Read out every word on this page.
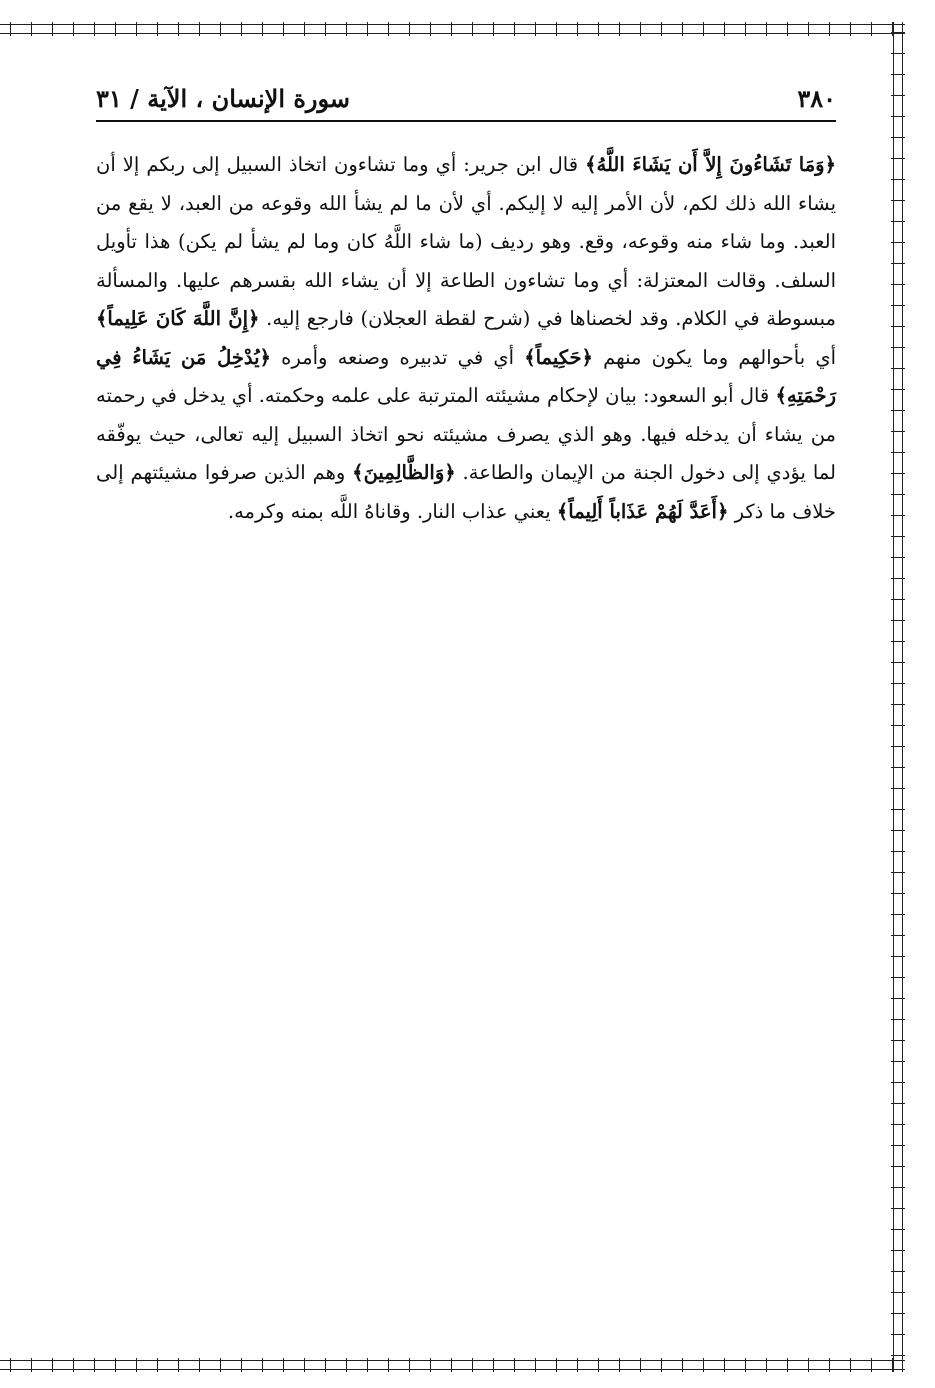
٣٨٠
سورة الإنسان ، الآية / ٣١

﴿وَمَا تَشَاءُونَ إِلاَّ أَن يَشَاءَ اللَّهُ﴾ قال ابن جرير: أي وما تشاءون اتخاذ السبيل إلى ربكم إلا أن يشاء الله ذلك لكم، لأن الأمر إليه لا إليكم. أي لأن ما لم يشأ الله وقوعه من العبد، لا يقع من العبد. وما شاء منه وقوعه، وقع. وهو رديف (ما شاء اللَّهُ كان وما لم يشأ لم يكن) هذا تأويل السلف. وقالت المعتزلة: أي وما تشاءون الطاعة إلا أن يشاء الله بقسرهم عليها. والمسألة مبسوطة في الكلام. وقد لخصناها في (شرح لقطة العجلان) فارجع إليه. ﴿إِنَّ اللَّهَ كَانَ عَلِيماً﴾ أي بأحوالهم وما يكون منهم ﴿حَكِيماً﴾ أي في تدبيره وصنعه وأمره ﴿يُدْخِلُ مَن يَشَاءُ فِي رَحْمَتِهِ﴾ قال أبو السعود: بيان لإحكام مشيئته المترتبة على علمه وحكمته. أي يدخل في رحمته من يشاء أن يدخله فيها. وهو الذي يصرف مشيئته نحو اتخاذ السبيل إليه تعالى، حيث يوفّقه لما يؤدي إلى دخول الجنة من الإيمان والطاعة. ﴿وَالظَّالِمِينَ﴾ وهم الذين صرفوا مشيئتهم إلى خلاف ما ذكر ﴿أَعَدَّ لَهُمْ عَذَاباً أَلِيماً﴾ يعني عذاب النار. وقاناهُ اللَّه بمنه وكرمه.
